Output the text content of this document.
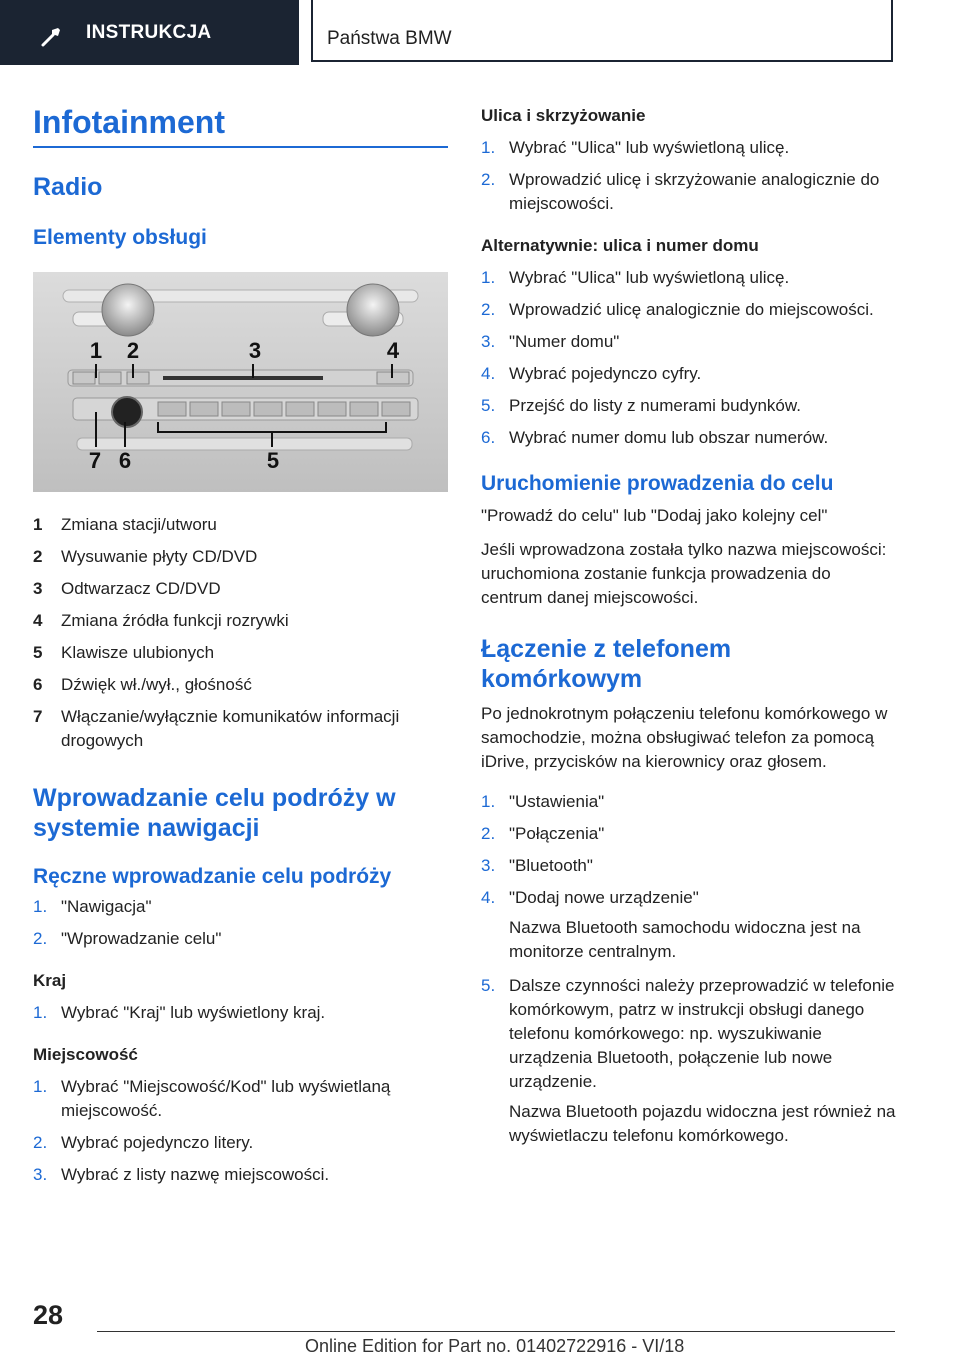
INSTRUKCJA	Państwa BMW
Infotainment
Radio
Elementy obsługi
1 2	3	4
7 6	5
1 Zmiana stacji/utworu
2 Wysuwanie płyty CD/DVD
3 Odtwarzacz CD/DVD
4 Zmiana źródła funkcji rozrywki
5 Klawisze ulubionych
6 Dźwięk wł./wył., głośność
7 Włączanie/wyłącznie komunikatów informacji drogowych
Wprowadzanie celu podróży w systemie nawigacji
Ręczne wprowadzanie celu podróży
1. "Nawigacja"
2. "Wprowadzanie celu"
Kraj
1. Wybrać "Kraj" lub wyświetlony kraj.
Miejscowość
1. Wybrać "Miejscowość/Kod" lub wyświetlaną miejscowość.
2. Wybrać pojedynczo litery.
3. Wybrać z listy nazwę miejscowości.
Ulica i skrzyżowanie
1. Wybrać "Ulica" lub wyświetloną ulicę.
2. Wprowadzić ulicę i skrzyżowanie analogicznie do miejscowości.
Alternatywnie: ulica i numer domu
1. Wybrać "Ulica" lub wyświetloną ulicę.
2. Wprowadzić ulicę analogicznie do miejscowości.
3. "Numer domu"
4. Wybrać pojedynczo cyfry.
5. Przejść do listy z numerami budynków.
6. Wybrać numer domu lub obszar numerów.
Uruchomienie prowadzenia do celu

"Prowadź do celu" lub "Dodaj jako kolejny cel"

Jeśli wprowadzona została tylko nazwa miejscowości: uruchomiona zostanie funkcja prowadzenia do centrum danej miejscowości.

Łączenie z telefonem komórkowym

Po jednokrotnym połączeniu telefonu komórkowego w samochodzie, można obsługiwać telefon za pomocą iDrive, przycisków na kierownicy oraz głosem.

1. "Ustawienia"
2. "Połączenia"
3. "Bluetooth"
4. "Dodaj nowe urządzenie"
Nazwa Bluetooth samochodu widoczna jest na monitorze centralnym.
5. Dalsze czynności należy przeprowadzić w telefonie komórkowym, patrz w instrukcji obsługi danego telefonu komórkowego: np. wyszukiwanie urządzenia Bluetooth, połączenie lub nowe urządzenie.
Nazwa Bluetooth pojazdu widoczna jest również na wyświetlaczu telefonu komórkowego.
28
Online Edition for Part no. 01402722916 - VI/18
